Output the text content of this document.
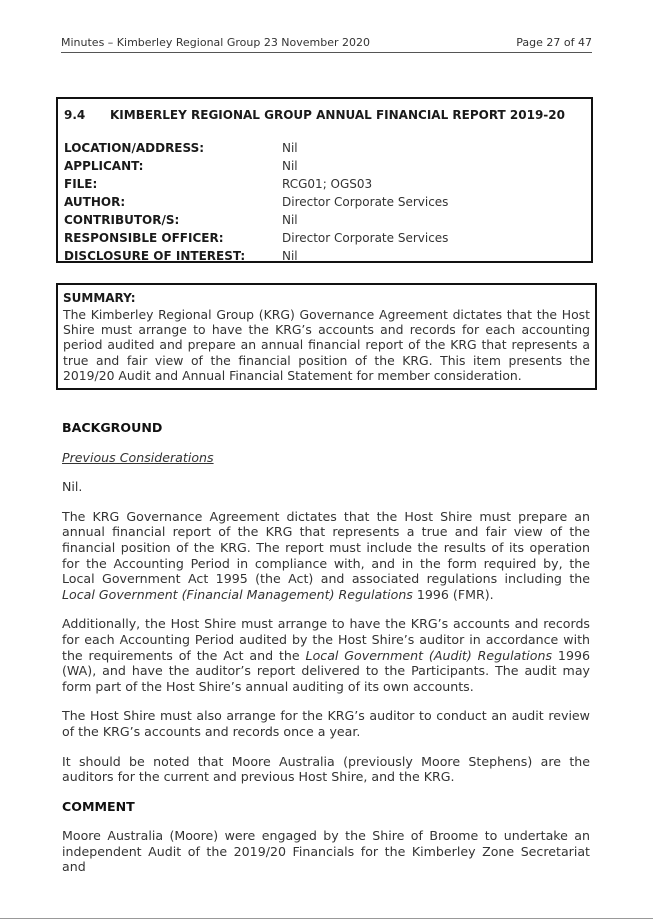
Minutes – Kimberley Regional Group 23 November 2020	Page 27 of 47
9.4 KIMBERLEY REGIONAL GROUP ANNUAL FINANCIAL REPORT 2019-20
LOCATION/ADDRESS:	Nil
APPLICANT:	Nil
FILE:	RCG01; OGS03
AUTHOR:	Director Corporate Services
CONTRIBUTOR/S:	Nil
RESPONSIBLE OFFICER:	Director Corporate Services
DISCLOSURE OF INTEREST:	Nil
SUMMARY:
The Kimberley Regional Group (KRG) Governance Agreement dictates that the Host Shire must arrange to have the KRG’s accounts and records for each accounting period audited and prepare an annual financial report of the KRG that represents a true and fair view of the financial position of the KRG. This item presents the 2019/20 Audit and Annual Financial Statement for member consideration.
BACKGROUND
Previous Considerations

Nil.

The KRG Governance Agreement dictates that the Host Shire must prepare an annual financial report of the KRG that represents a true and fair view of the financial position of the KRG. The report must include the results of its operation for the Accounting Period in compliance with, and in the form required by, the Local Government Act 1995 (the Act) and associated regulations including the Local Government (Financial Management) Regulations 1996 (FMR).

Additionally, the Host Shire must arrange to have the KRG’s accounts and records for each Accounting Period audited by the Host Shire’s auditor in accordance with the requirements of the Act and the Local Government (Audit) Regulations 1996 (WA), and have the auditor’s report delivered to the Participants. The audit may form part of the Host Shire’s annual auditing of its own accounts.

The Host Shire must also arrange for the KRG’s auditor to conduct an audit review of the KRG’s accounts and records once a year.

It should be noted that Moore Australia (previously Moore Stephens) are the auditors for the current and previous Host Shire, and the KRG.

COMMENT

Moore Australia (Moore) were engaged by the Shire of Broome to undertake an independent Audit of the 2019/20 Financials for the Kimberley Zone Secretariat and
